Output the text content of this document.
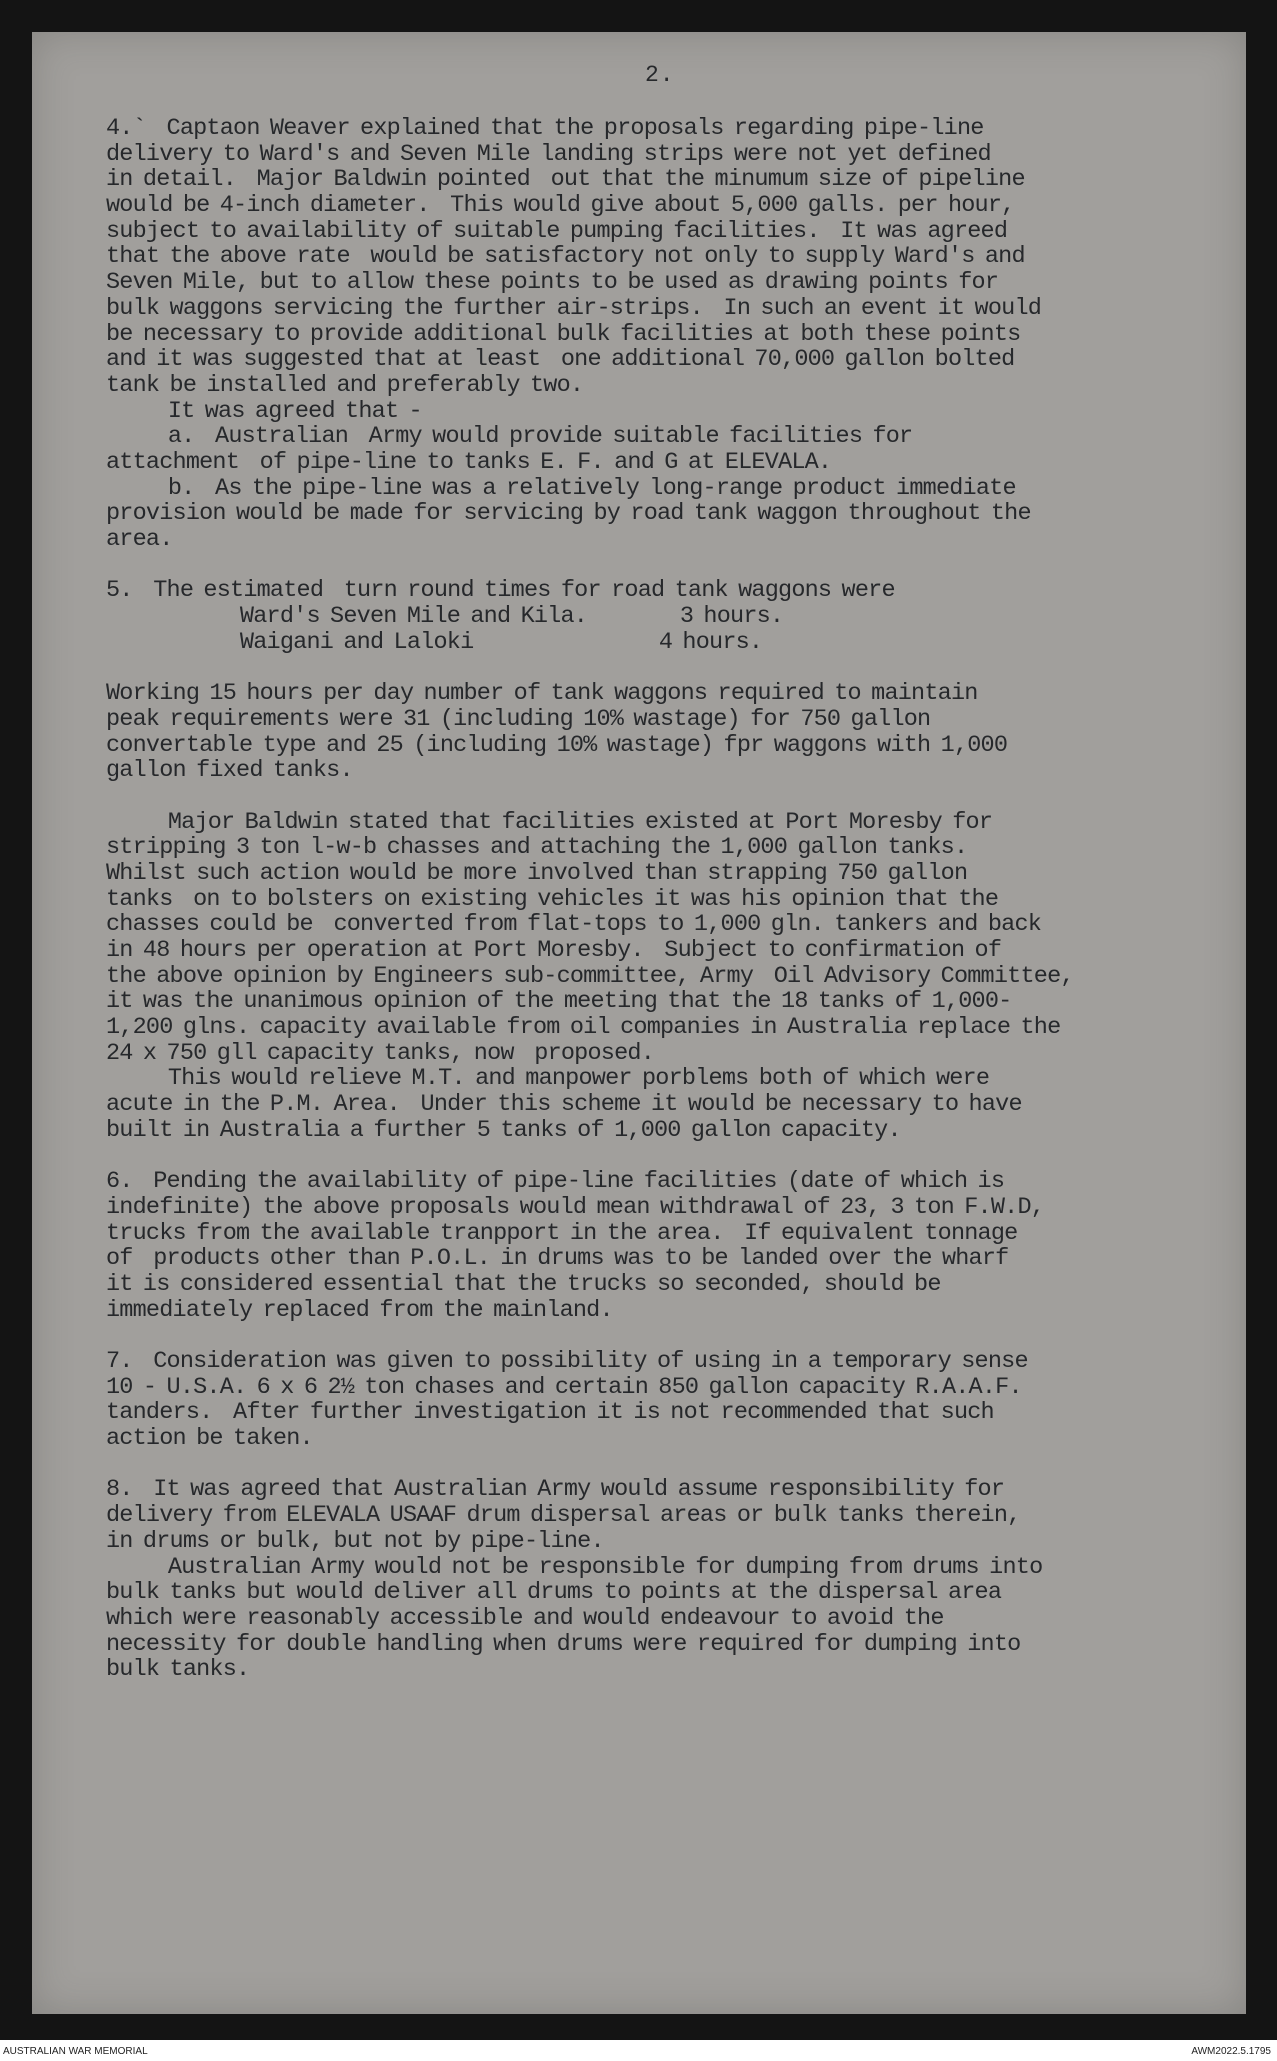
2.
4.`  Captaon Weaver explained that the proposals regarding pipe-line
delivery to Ward's and Seven Mile landing strips were not yet defined
in detail.  Major Baldwin pointed  out that the minumum size of pipeline
would be 4-inch diameter.  This would give about 5,000 galls. per hour,
subject to availability of suitable pumping facilities.  It was agreed
that the above rate  would be satisfactory not only to supply Ward's and
Seven Mile, but to allow these points to be used as drawing points for
bulk waggons servicing the further air-strips.  In such an event it would
be necessary to provide additional bulk facilities at both these points
and it was suggested that at least  one additional 70,000 gallon bolted
tank be installed and preferably two.
It was agreed that -
a.  Australian  Army would provide suitable facilities for
attachment  of pipe-line to tanks E. F. and G at ELEVALA.
b.  As the pipe-line was a relatively long-range product immediate
provision would be made for servicing by road tank waggon throughout the
area.
5.  The estimated  turn round times for road tank waggons were
Ward's Seven Mile and Kila.         3 hours.
Waigani and Laloki                  4 hours.
Working 15 hours per day number of tank waggons required to maintain
peak requirements were 31 (including 10% wastage) for 750 gallon
convertable type and 25 (including 10% wastage) fpr waggons with 1,000
gallon fixed tanks.
Major Baldwin stated that facilities existed at Port Moresby for
stripping 3 ton l-w-b chasses and attaching the 1,000 gallon tanks.
Whilst such action would be more involved than strapping 750 gallon
tanks  on to bolsters on existing vehicles it was his opinion that the
chasses could be  converted from flat-tops to 1,000 gln. tankers and back
in 48 hours per operation at Port Moresby.  Subject to confirmation of
the above opinion by Engineers sub-committee, Army  Oil Advisory Committee,
it was the unanimous opinion of the meeting that the 18 tanks of 1,000-
1,200 glns. capacity available from oil companies in Australia replace the
24 x 750 gll capacity tanks, now  proposed.
This would relieve M.T. and manpower porblems both of which were
acute in the P.M. Area.  Under this scheme it would be necessary to have
built in Australia a further 5 tanks of 1,000 gallon capacity.
6.  Pending the availability of pipe-line facilities (date of which is
indefinite) the above proposals would mean withdrawal of 23, 3 ton F.W.D,
trucks from the available tranpport in the area.  If equivalent tonnage
of  products other than P.O.L. in drums was to be landed over the wharf
it is considered essential that the trucks so seconded, should be
immediately replaced from the mainland.
7.  Consideration was given to possibility of using in a temporary sense
10 - U.S.A. 6 x 6 2½ ton chases and certain 850 gallon capacity R.A.A.F.
tanders.  After further investigation it is not recommended that such
action be taken.
8.  It was agreed that Australian Army would assume responsibility for
delivery from ELEVALA USAAF drum dispersal areas or bulk tanks therein,
in drums or bulk, but not by pipe-line.
Australian Army would not be responsible for dumping from drums into
bulk tanks but would deliver all drums to points at the dispersal area
which were reasonably accessible and would endeavour to avoid the
necessity for double handling when drums were required for dumping into
bulk tanks.
AUSTRALIAN WAR MEMORIAL	AWM2022.5.1795
